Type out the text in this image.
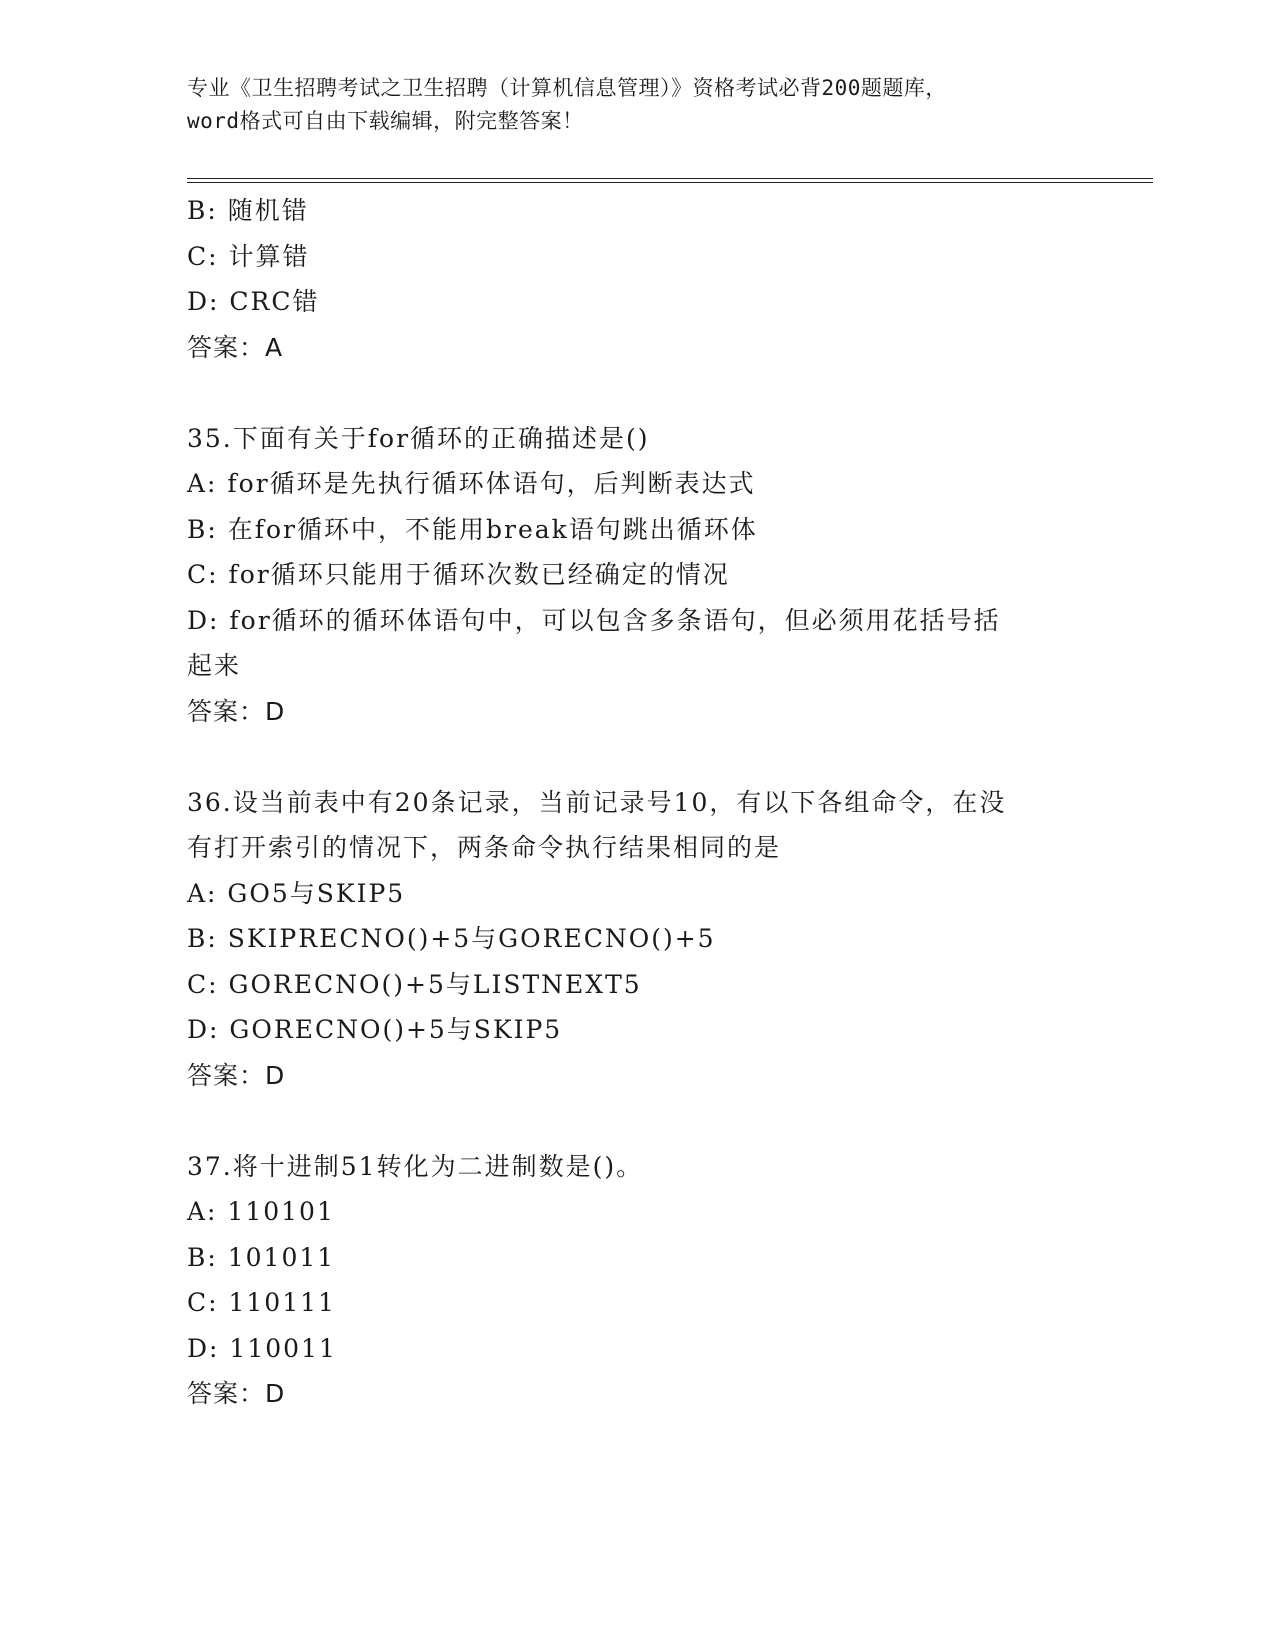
专业《卫生招聘考试之卫生招聘（计算机信息管理）》资格考试必背200题题库，
word格式可自由下载编辑，附完整答案！
B: 随机错
C: 计算错
D: CRC错
答案：A
35.下面有关于for循环的正确描述是()
A: for循环是先执行循环体语句，后判断表达式
B: 在for循环中，不能用break语句跳出循环体
C: for循环只能用于循环次数已经确定的情况
D: for循环的循环体语句中，可以包含多条语句，但必须用花括号括
起来
答案：D
36.设当前表中有20条记录，当前记录号10，有以下各组命令，在没
有打开索引的情况下，两条命令执行结果相同的是
A: GO5与SKIP5
B: SKIPRECNO()+5与GORECNO()+5
C: GORECNO()+5与LISTNEXT5
D: GORECNO()+5与SKIP5
答案：D
37.将十进制51转化为二进制数是()。
A: 110101
B: 101011
C: 110111
D: 110011
答案：D
